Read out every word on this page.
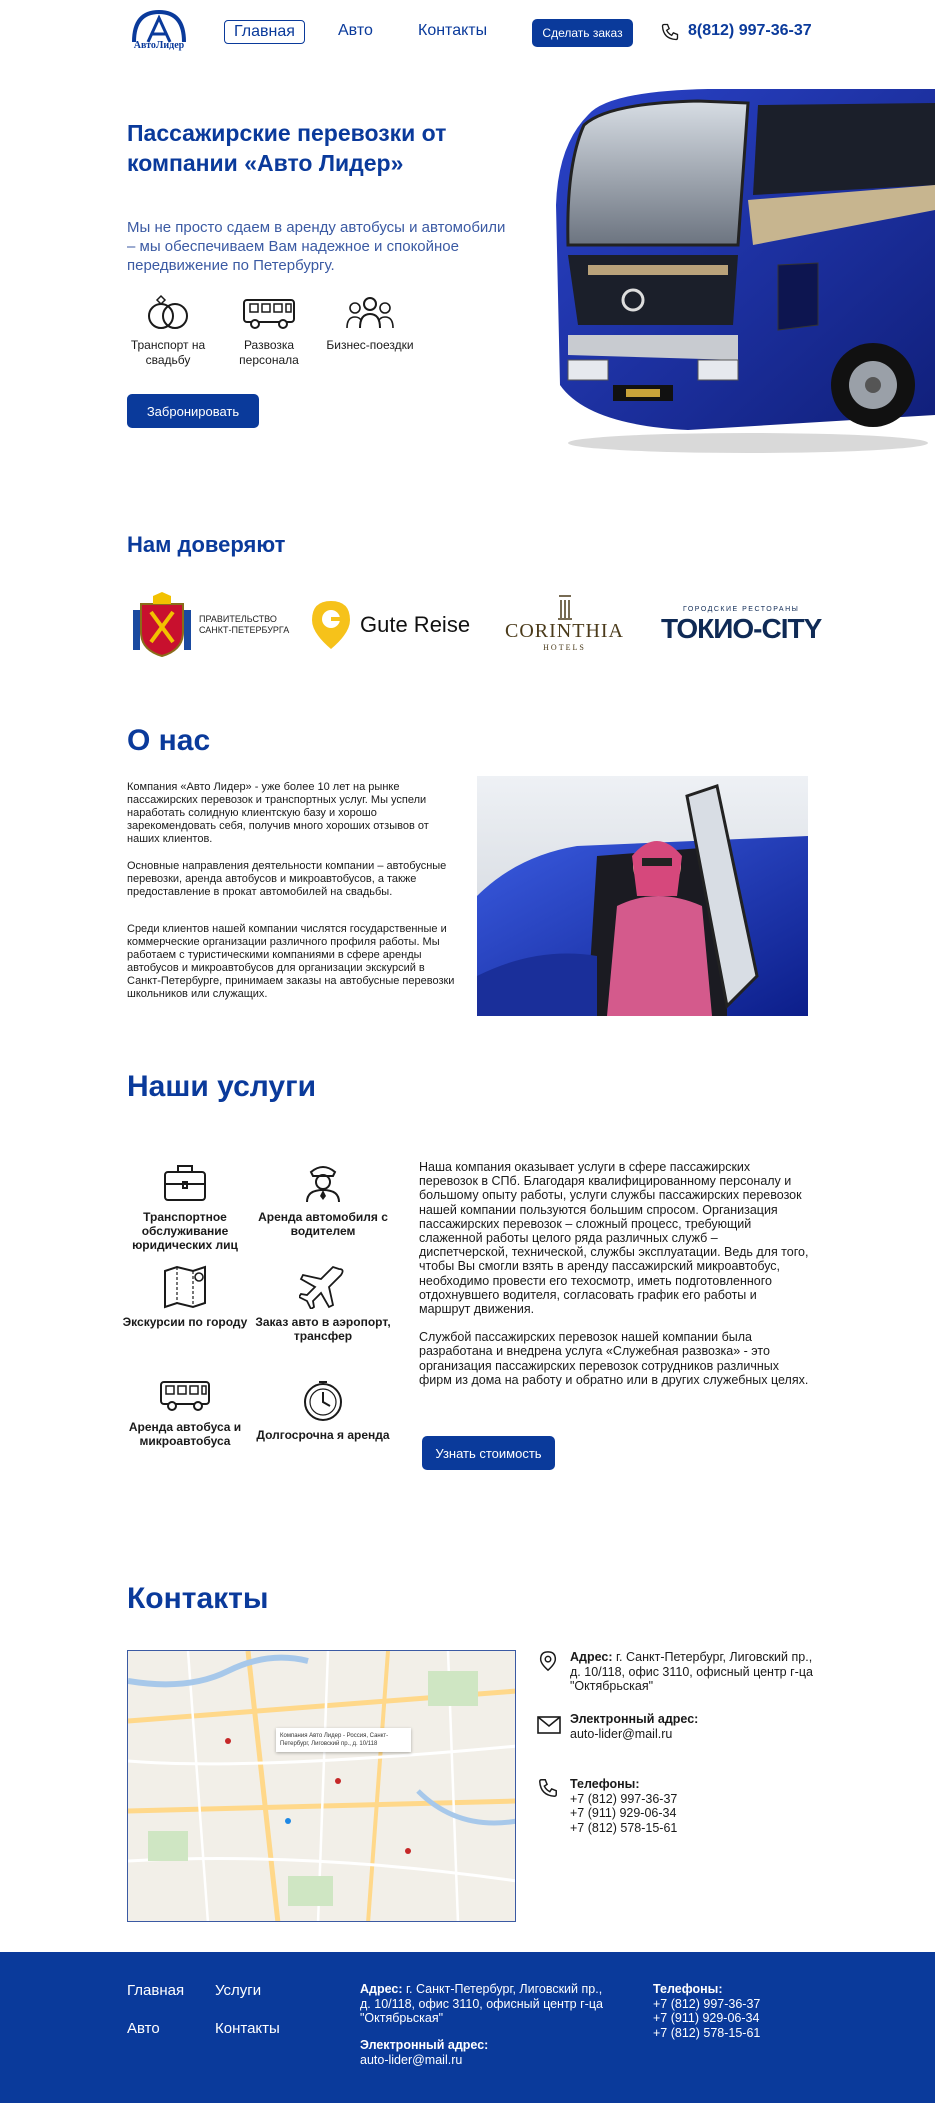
АвтоЛидер
Главная	Авто	Контакты	Сделать заказ	8(812) 997-36-37
Пассажирские перевозки от компании «Авто Лидер»
Мы не просто сдаем в аренду автобусы и автомобили – мы обеспечиваем Вам надежное и спокойное передвижение по Петербургу.
Транспорт на свадьбу
Развозка персонала
Бизнес-поездки
Забронировать
Нам доверяют
ПРАВИТЕЛЬСТВО
САНКТ-ПЕТЕРБУРГА	Gute Reise CORINTHIA
HOTELS
ГОРОДСКИЕ РЕСТОРАНЫ
ТОКИО-CITY
О нас
Компания «Авто Лидер» - уже более 10 лет на рынке пассажирских перевозок и транспортных услуг. Мы успели наработать солидную клиентскую базу и хорошо зарекомендовать себя, получив много хороших отзывов от наших клиентов.
Основные направления деятельности компании – автобусные перевозки, аренда автобусов и микроавтобусов, а также предоставление в прокат автомобилей на свадьбы.
Среди клиентов нашей компании числятся государственные и коммерческие организации различного профиля работы. Мы работаем с туристическими компаниями в сфере аренды автобусов и микроавтобусов для организации экскурсий в Санкт-Петербурге, принимаем заказы на автобусные перевозки школьников или служащих.
Наши услуги
Транспортное обслуживание юридических лиц
Аренда автомобиля с водителем
Экскурсии по городу Заказ авто в аэропорт, трансфер
Аренда автобуса и микроавтобуса	Долгосрочна я аренда

Наша компания оказывает услуги в сфере пассажирских перевозок в СПб. Благодаря квалифицированному персоналу и большому опыту работы, услуги службы пассажирских перевозок нашей компании пользуются большим спросом. Организация пассажирских перевозок – сложный процесс, требующий слаженной работы целого ряда различных служб – диспетчерской, технической, службы эксплуатации. Ведь для того, чтобы Вы смогли взять в аренду пассажирский микроавтобус, необходимо провести его техосмотр, иметь подготовленного отдохнувшего водителя, согласовать график его работы и маршрут движения.

Службой пассажирских перевозок нашей компании была разработана и внедрена услуга «Служебная развозка» - это организация пассажирских перевозок сотрудников различных фирм из дома на работу и обратно или в других служебных целях.

Узнать стоимость
Контакты
Компания Авто Лидер - Россия, Санкт-Петербург, Лиговский пр., д. 10/118
Адрес: г. Санкт-Петербург, Лиговский пр., д. 10/118, офис 3110, офисный центр г-ца "Октябрьская"
Электронный адрес:
auto-lider@mail.ru
Телефоны:
+7 (812) 997-36-37
+7 (911) 929-06-34
+7 (812) 578-15-61
Главная Услуги
Авто	Контакты
Адрес: г. Санкт-Петербург, Лиговский пр., д. 10/118, офис 3110, офисный центр г-ца "Октябрьская"
Электронный адрес:
auto-lider@mail.ru
Телефоны:
+7 (812) 997-36-37
+7 (911) 929-06-34
+7 (812) 578-15-61
